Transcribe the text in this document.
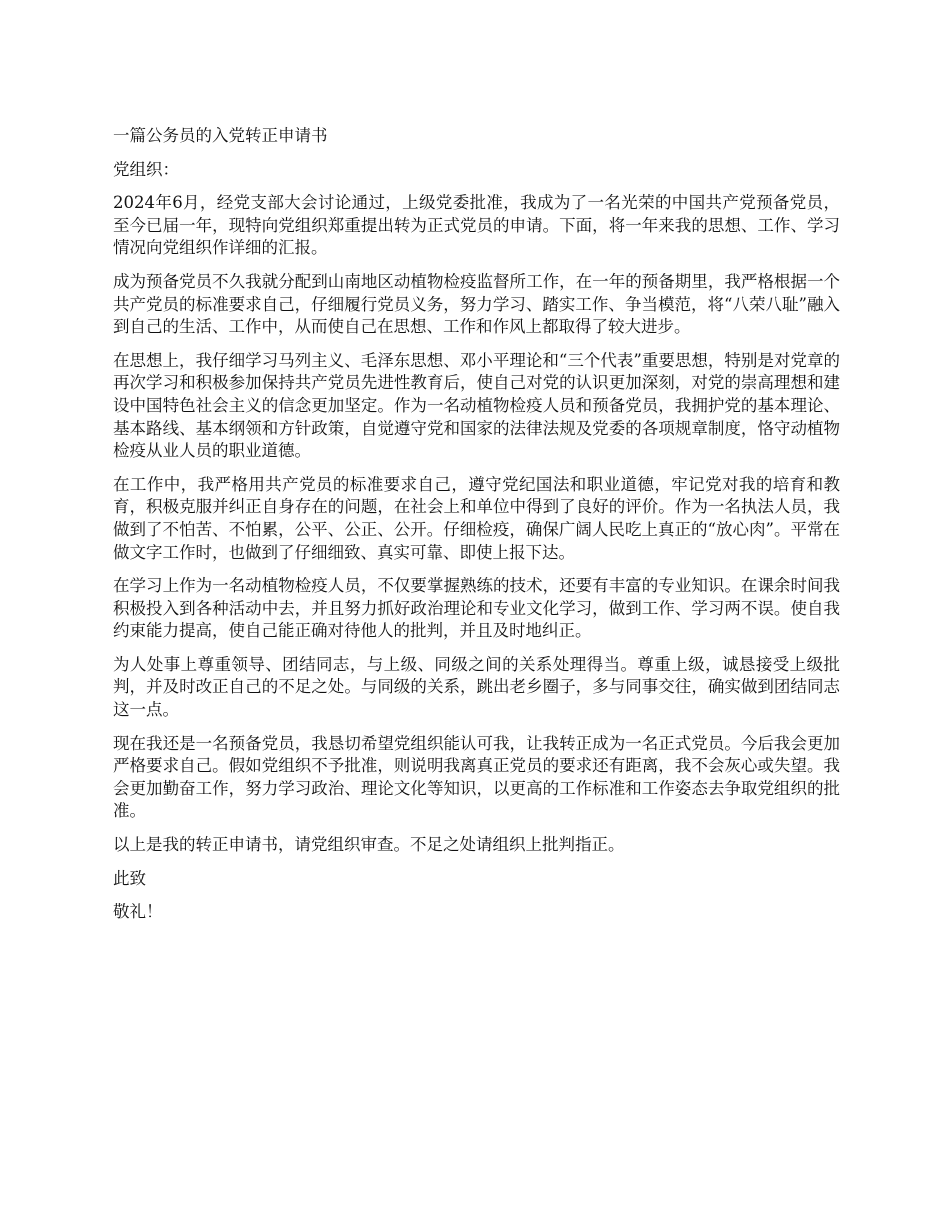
一篇公务员的入党转正申请书

党组织：

2024年6月，经党支部大会讨论通过，上级党委批准，我成为了一名光荣的中国共产党预备党员，至今已届一年，现特向党组织郑重提出转为正式党员的申请。下面，将一年来我的思想、工作、学习情况向党组织作详细的汇报。

成为预备党员不久我就分配到山南地区动植物检疫监督所工作，在一年的预备期里，我严格根据一个共产党员的标准要求自己，仔细履行党员义务，努力学习、踏实工作、争当模范，将“八荣八耻”融入到自己的生活、工作中，从而使自己在思想、工作和作风上都取得了较大进步。

在思想上，我仔细学习马列主义、毛泽东思想、邓小平理论和“三个代表”重要思想，特别是对党章的再次学习和积极参加保持共产党员先进性教育后，使自己对党的认识更加深刻，对党的崇高理想和建设中国特色社会主义的信念更加坚定。作为一名动植物检疫人员和预备党员，我拥护党的基本理论、基本路线、基本纲领和方针政策，自觉遵守党和国家的法律法规及党委的各项规章制度，恪守动植物检疫从业人员的职业道德。

在工作中，我严格用共产党员的标准要求自己，遵守党纪国法和职业道德，牢记党对我的培育和教育，积极克服并纠正自身存在的问题，在社会上和单位中得到了良好的评价。作为一名执法人员，我做到了不怕苦、不怕累，公平、公正、公开。仔细检疫，确保广阔人民吃上真正的“放心肉”。平常在做文字工作时，也做到了仔细细致、真实可靠、即使上报下达。

在学习上作为一名动植物检疫人员，不仅要掌握熟练的技术，还要有丰富的专业知识。在课余时间我积极投入到各种活动中去，并且努力抓好政治理论和专业文化学习，做到工作、学习两不误。使自我约束能力提高，使自己能正确对待他人的批判，并且及时地纠正。

为人处事上尊重领导、团结同志，与上级、同级之间的关系处理得当。尊重上级，诚恳接受上级批判，并及时改正自己的不足之处。与同级的关系，跳出老乡圈子，多与同事交往，确实做到团结同志这一点。

现在我还是一名预备党员，我恳切希望党组织能认可我，让我转正成为一名正式党员。今后我会更加严格要求自己。假如党组织不予批准，则说明我离真正党员的要求还有距离，我不会灰心或失望。我会更加勤奋工作，努力学习政治、理论文化等知识，以更高的工作标准和工作姿态去争取党组织的批准。

以上是我的转正申请书，请党组织审查。不足之处请组织上批判指正。

此致

敬礼！
